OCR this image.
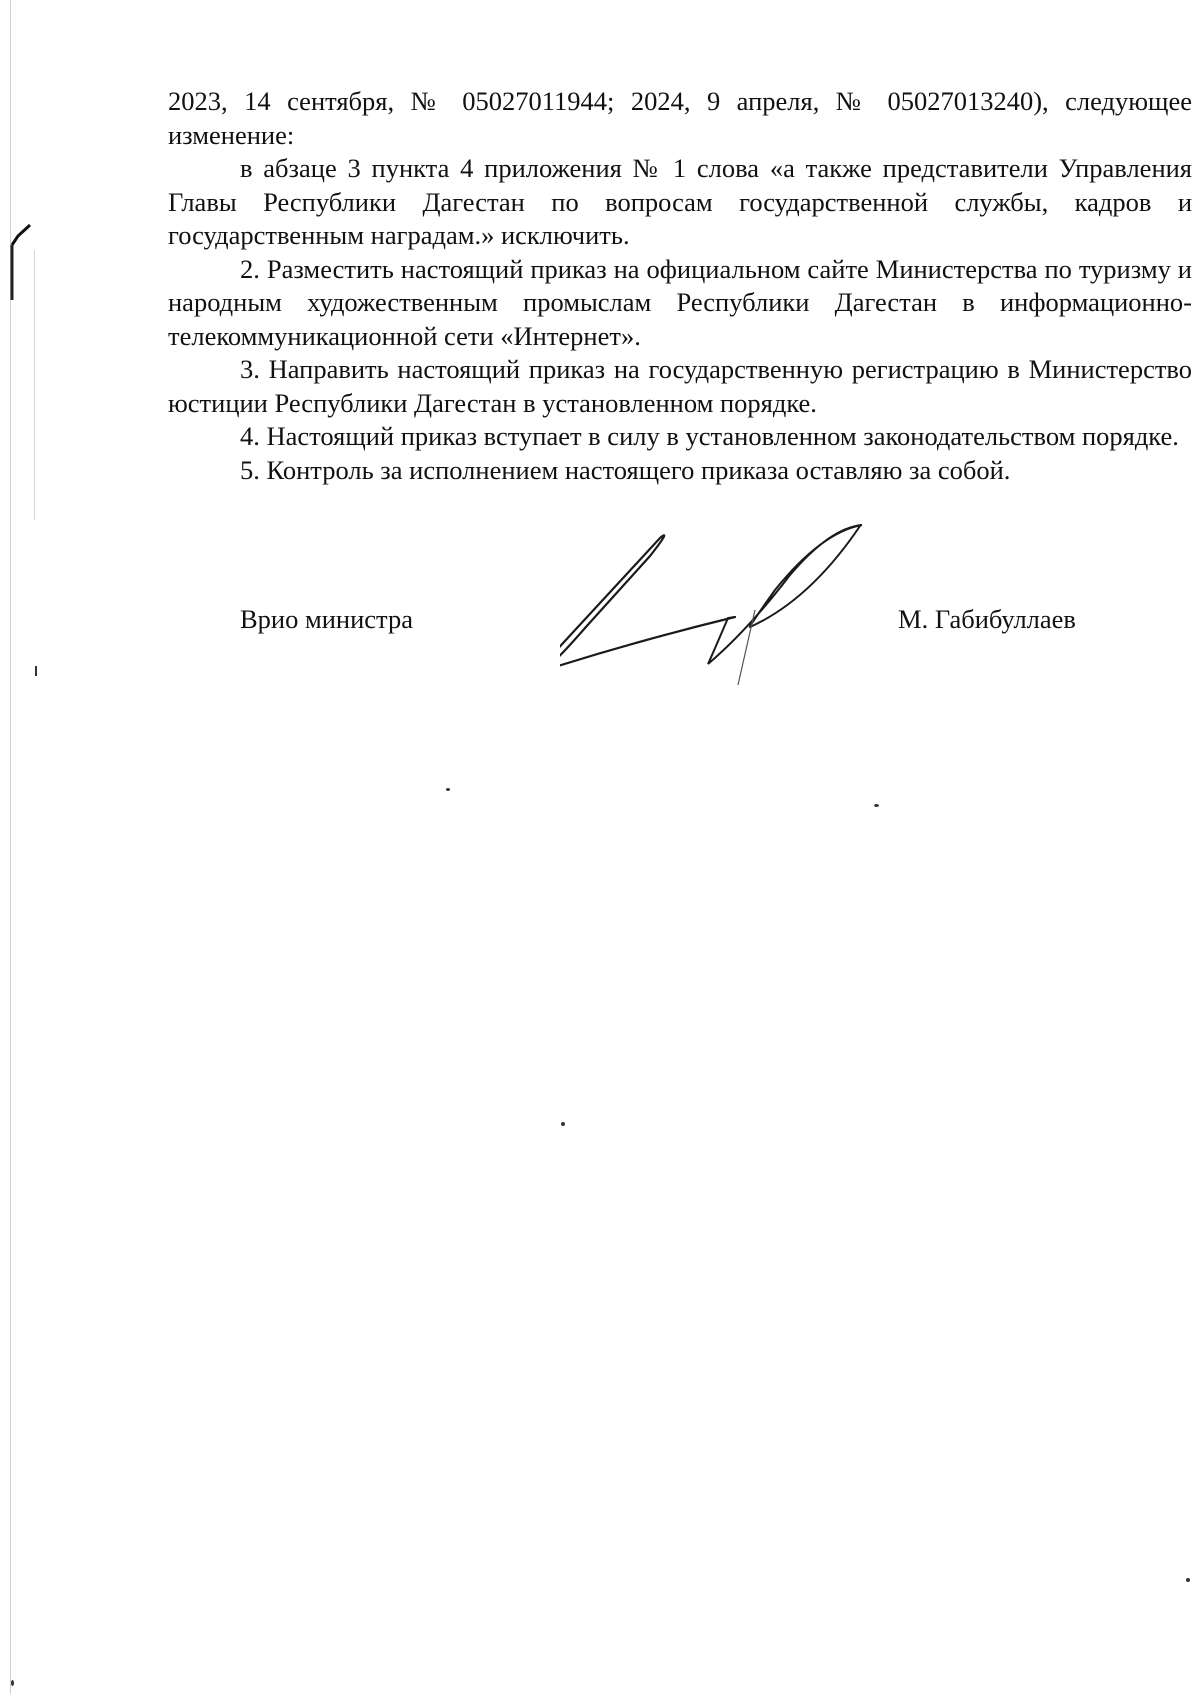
2023, 14 сентября, № 05027011944; 2024, 9 апреля, № 05027013240), следующее изменение:

в абзаце 3 пункта 4 приложения № 1 слова «а также представители Управления Главы Республики Дагестан по вопросам государственной службы, кадров и государственным наградам.» исключить.

2. Разместить настоящий приказ на официальном сайте Министерства по туризму и народным художественным промыслам Республики Дагестан в информационно-телекоммуникационной сети «Интернет».

3. Направить настоящий приказ на государственную регистрацию в Министерство юстиции Республики Дагестан в установленном порядке.

4. Настоящий приказ вступает в силу в установленном законодательством порядке.

5. Контроль за исполнением настоящего приказа оставляю за собой.

Врио министра	М. Габибуллаев
